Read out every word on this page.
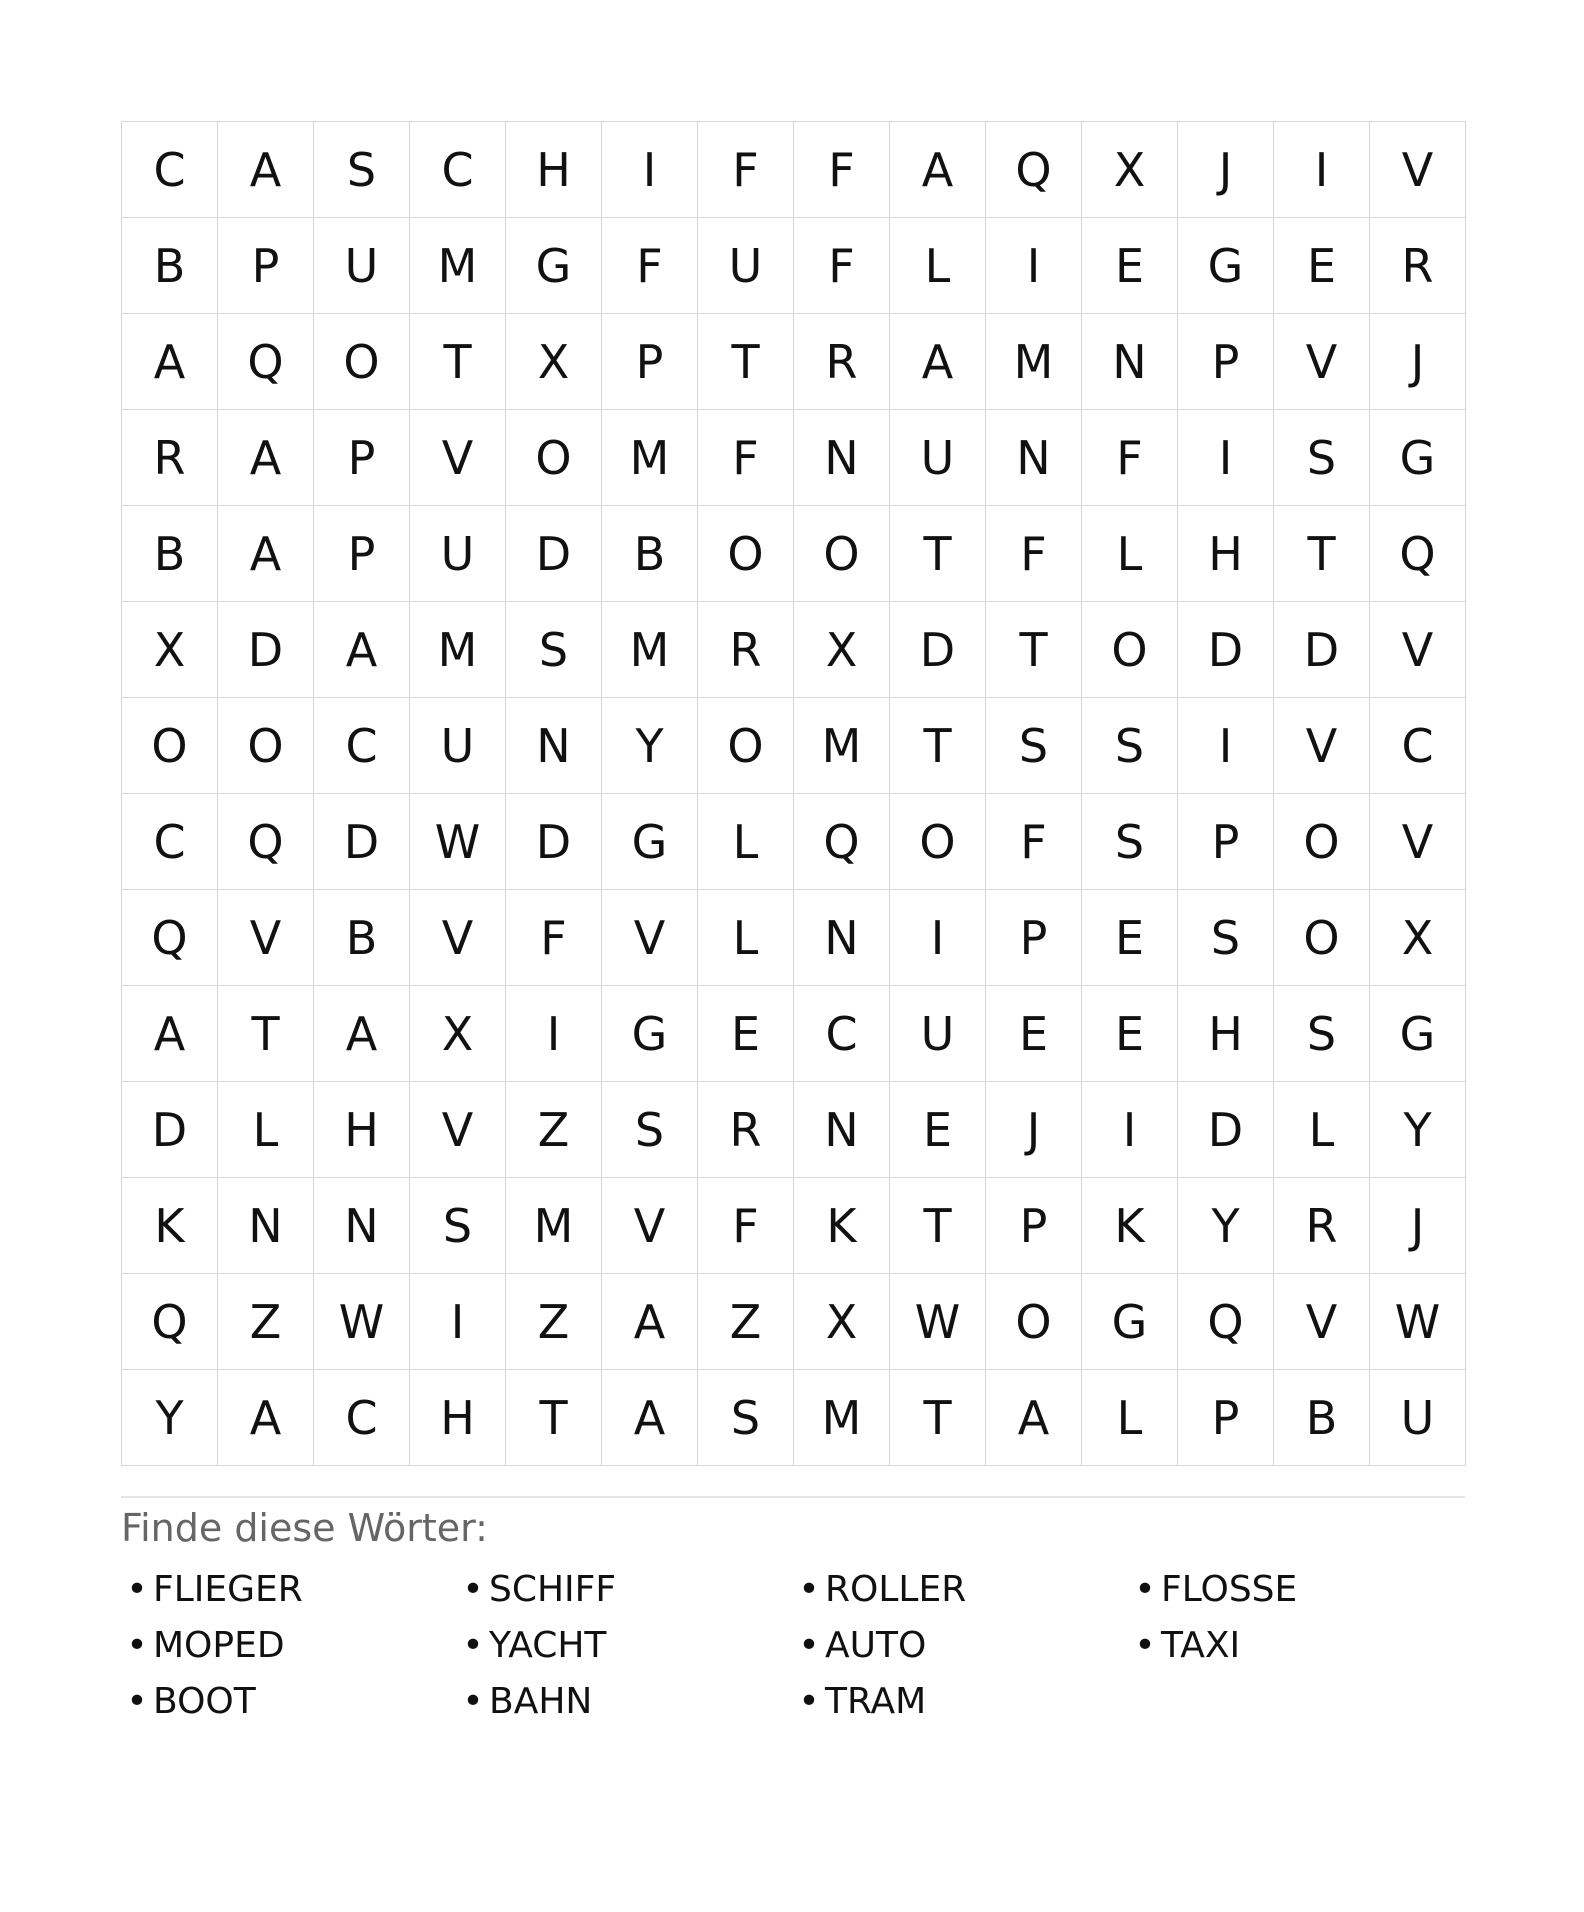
C	A	S	C	H	I	F	F	A	Q	X	J	I	V
B	P	U	M	G	F	U	F	L	I	E	G	E	R
A	Q	O	T	X	P	T	R	A	M	N	P	V	J
R	A	P	V	O	M	F	N	U	N	F	I	S	G
B	A	P	U	D	B	O	O	T	F	L	H	T	Q
X	D	A	M	S	M	R	X	D	T	O	D	D	V
O	O	C	U	N	Y	O	M	T	S	S	I	V	C
C	Q	D	W	D	G	L	Q	O	F	S	P	O	V
Q	V	B	V	F	V	L	N	I	P	E	S	O	X
A	T	A	X	I	G	E	C	U	E	E	H	S	G
D	L	H	V	Z	S	R	N	E	J	I	D	L	Y
K	N	N	S	M	V	F	K	T	P	K	Y	R	J
Q	Z	W	I	Z	A	Z	X	W	O	G	Q	V	W
Y	A	C	H	T	A	S	M	T	A	L	P	B	U
Finde diese Wörter:
• FLIEGER	• SCHIFF	• ROLLER	• FLOSSE
• MOPED	• YACHT	• AUTO	• TAXI
• BOOT	• BAHN	• TRAM
